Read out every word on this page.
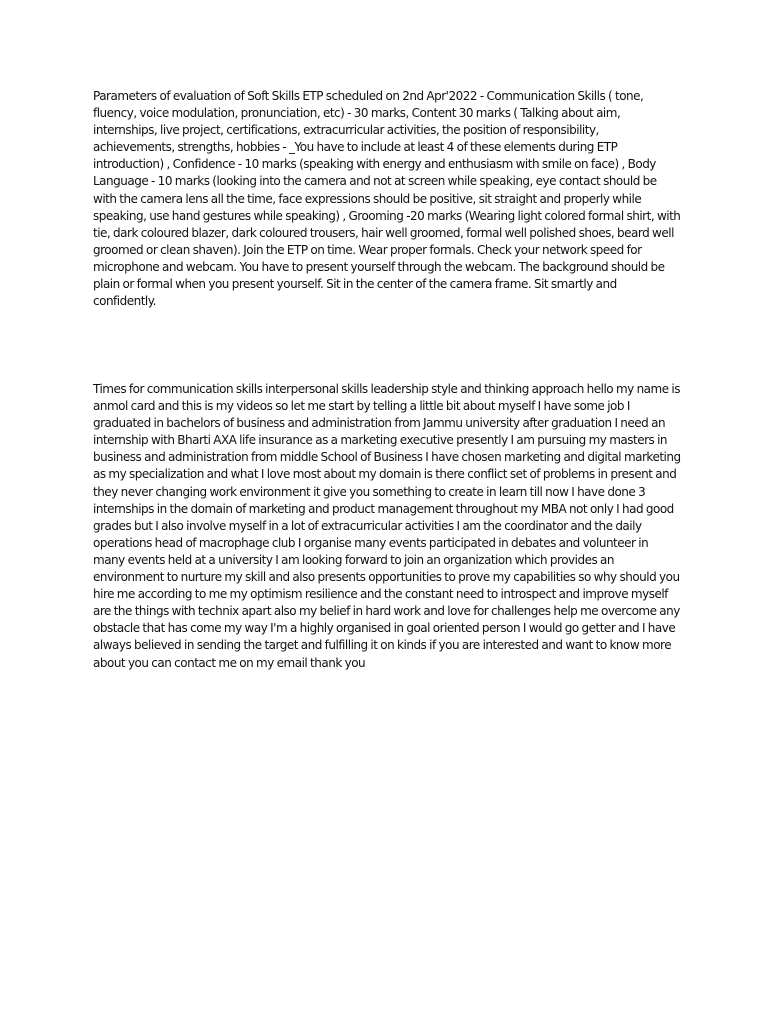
Parameters of evaluation of Soft Skills ETP scheduled on 2nd Apr'2022 - Communication Skills ( tone, fluency, voice modulation, pronunciation, etc) - 30 marks, Content 30 marks ( Talking about aim, internships, live project, certifications, extracurricular activities, the position of responsibility, achievements, strengths, hobbies - _You have to include at least 4 of these elements during ETP introduction) , Confidence - 10 marks (speaking with energy and enthusiasm with smile on face) , Body Language - 10 marks (looking into the camera and not at screen while speaking, eye contact should be with the camera lens all the time, face expressions should be positive, sit straight and properly while speaking, use hand gestures while speaking) , Grooming -20 marks (Wearing light colored formal shirt, with tie, dark coloured blazer, dark coloured trousers, hair well groomed, formal well polished shoes, beard well groomed or clean shaven). Join the ETP on time. Wear proper formals. Check your network speed for microphone and webcam. You have to present yourself through the webcam. The background should be plain or formal when you present yourself. Sit in the center of the camera frame. Sit smartly and confidently.

Times for communication skills interpersonal skills leadership style and thinking approach hello my name is anmol card and this is my videos so let me start by telling a little bit about myself I have some job I graduated in bachelors of business and administration from Jammu university after graduation I need an internship with Bharti AXA life insurance as a marketing executive presently I am pursuing my masters in business and administration from middle School of Business I have chosen marketing and digital marketing as my specialization and what I love most about my domain is there conflict set of problems in present and they never changing work environment it give you something to create in learn till now I have done 3 internships in the domain of marketing and product management throughout my MBA not only I had good grades but I also involve myself in a lot of extracurricular activities I am the coordinator and the daily operations head of macrophage club I organise many events participated in debates and volunteer in many events held at a university I am looking forward to join an organization which provides an environment to nurture my skill and also presents opportunities to prove my capabilities so why should you hire me according to me my optimism resilience and the constant need to introspect and improve myself are the things with technix apart also my belief in hard work and love for challenges help me overcome any obstacle that has come my way I'm a highly organised in goal oriented person I would go getter and I have always believed in sending the target and fulfilling it on kinds if you are interested and want to know more about you can contact me on my email thank you
